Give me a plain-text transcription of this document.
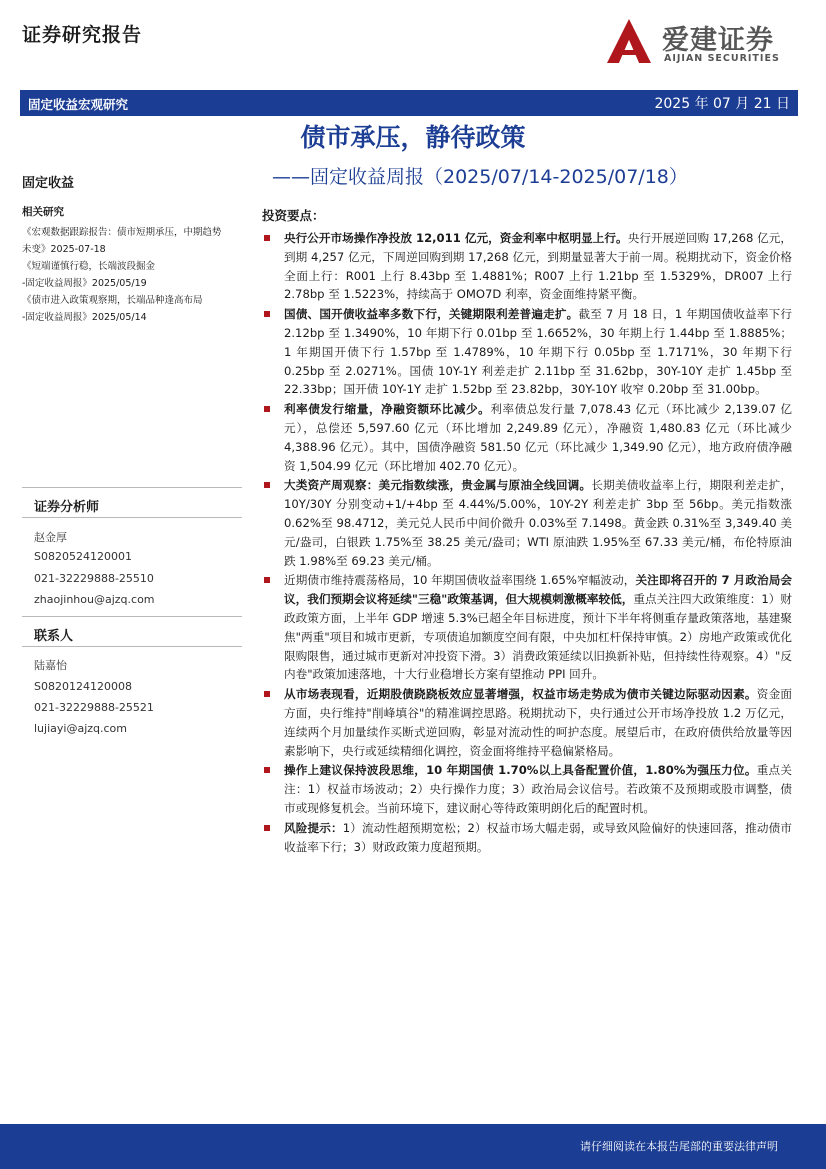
证券研究报告	爱建证券
AIJIAN SECURITIES
固定收益宏观研究	2025 年 07 月 21 日
债市承压，静待政策
——固定收益周报（2025/07/14-2025/07/18）
固定收益
相关研究
《宏观数据跟踪报告：债市短期承压，中期趋势
未变》2025-07-18
《短端谨慎行稳，长端波段掘金
-固定收益周报》2025/05/19
《债市进入政策观察期，长端品种逢高布局
-固定收益周报》2025/05/14
证券分析师
赵金厚
S0820524120001
021-32229888-25510
zhaojinhou@ajzq.com
联系人
陆嘉怡
S0820124120008
021-32229888-25521
lujiayi@ajzq.com
投资要点：
央行公开市场操作净投放 12,011 亿元，资金利率中枢明显上行。央行开展逆回购 17,268 亿元，到期 4,257 亿元，下周逆回购到期 17,268 亿元，到期量显著大于前一周。税期扰动下，资金价格全面上行：R001 上行 8.43bp 至 1.4881%；R007 上行 1.21bp 至 1.5329%，DR007 上行 2.78bp 至 1.5223%，持续高于 OMO7D 利率，资金面维持紧平衡。
国债、国开债收益率多数下行，关键期限利差普遍走扩。截至 7 月 18 日，1 年期国债收益率下行 2.12bp 至 1.3490%，10 年期下行 0.01bp 至 1.6652%，30 年期上行 1.44bp 至 1.8885%；1 年期国开债下行 1.57bp 至 1.4789%，10 年期下行 0.05bp 至 1.7171%，30 年期下行 0.25bp 至 2.0271%。国债 10Y-1Y 利差走扩 2.11bp 至 31.62bp，30Y-10Y 走扩 1.45bp 至 22.33bp；国开债 10Y-1Y 走扩 1.52bp 至 23.82bp，30Y-10Y 收窄 0.20bp 至 31.00bp。
利率债发行缩量，净融资额环比减少。利率债总发行量 7,078.43 亿元（环比减少 2,139.07 亿元），总偿还 5,597.60 亿元（环比增加 2,249.89 亿元），净融资 1,480.83 亿元（环比减少 4,388.96 亿元）。其中，国债净融资 581.50 亿元（环比减少 1,349.90 亿元），地方政府债净融资 1,504.99 亿元（环比增加 402.70 亿元）。
大类资产周观察：美元指数续涨，贵金属与原油全线回调。长期美债收益率上行，期限利差走扩，10Y/30Y 分别变动+1/+4bp 至 4.44%/5.00%，10Y-2Y 利差走扩 3bp 至 56bp。美元指数涨 0.62%至 98.4712，美元兑人民币中间价微升 0.03%至 7.1498。黄金跌 0.31%至 3,349.40 美元/盎司，白银跌 1.75%至 38.25 美元/盎司；WTI 原油跌 1.95%至 67.33 美元/桶，布伦特原油跌 1.98%至 69.23 美元/桶。
近期债市维持震荡格局，10 年期国债收益率围绕 1.65%窄幅波动，关注即将召开的 7 月政治局会议，我们预期会议将延续"三稳"政策基调，但大规模刺激概率较低，重点关注四大政策维度：1）财政政策方面，上半年 GDP 增速 5.3%已超全年目标进度，预计下半年将侧重存量政策落地，基建聚焦"两重"项目和城市更新，专项债追加额度空间有限，中央加杠杆保持审慎。2）房地产政策或优化限购限售，通过城市更新对冲投资下滑。3）消费政策延续以旧换新补贴，但持续性待观察。4）"反内卷"政策加速落地，十大行业稳增长方案有望推动 PPI 回升。
从市场表现看，近期股债跷跷板效应显著增强，权益市场走势成为债市关键边际驱动因素。资金面方面，央行维持"削峰填谷"的精准调控思路。税期扰动下，央行通过公开市场净投放 1.2 万亿元，连续两个月加量续作买断式逆回购，彰显对流动性的呵护态度。展望后市，在政府债供给放量等因素影响下，央行或延续精细化调控，资金面将维持平稳偏紧格局。
操作上建议保持波段思维，10 年期国债 1.70%以上具备配置价值，1.80%为强压力位。重点关注：1）权益市场波动；2）央行操作力度；3）政治局会议信号。若政策不及预期或股市调整，债市或现修复机会。当前环境下，建议耐心等待政策明朗化后的配置时机。
风险提示：1）流动性超预期宽松；2）权益市场大幅走弱，或导致风险偏好的快速回落，推动债市收益率下行；3）财政政策力度超预期。
请仔细阅读在本报告尾部的重要法律声明
